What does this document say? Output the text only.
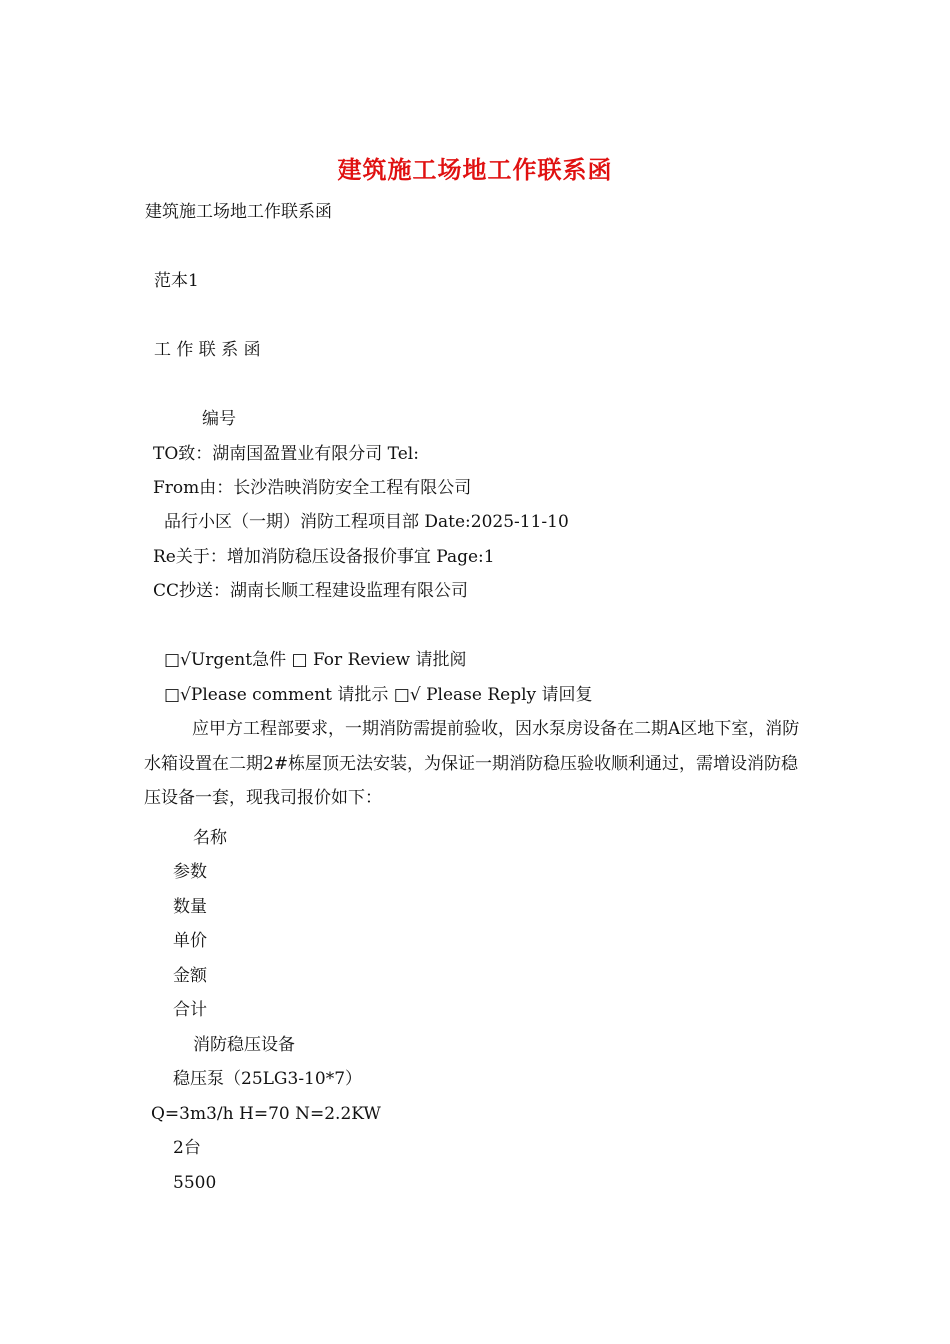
建筑施工场地工作联系函
建筑施工场地工作联系函
范本1
工 作 联 系 函
编号
TO致：湖南国盈置业有限分司 Tel:
From由：长沙浩映消防安全工程有限公司
品行小区（一期）消防工程项目部 Date:2025-11-10
Re关于：增加消防稳压设备报价事宜 Page:1
CC抄送：湖南长顺工程建设监理有限公司
□√Urgent急件 □ For Review 请批阅
□√Please comment 请批示 □√ Please Reply 请回复
应甲方工程部要求，一期消防需提前验收，因水泵房设备在二期A区地下室，消防水箱设置在二期2#栋屋顶无法安装，为保证一期消防稳压验收顺利通过，需增设消防稳压设备一套，现我司报价如下：
名称
参数
数量
单价
金额
合计
消防稳压设备
稳压泵（25LG3-10*7）
Q=3m3/h H=70 N=2.2KW
2台
5500
